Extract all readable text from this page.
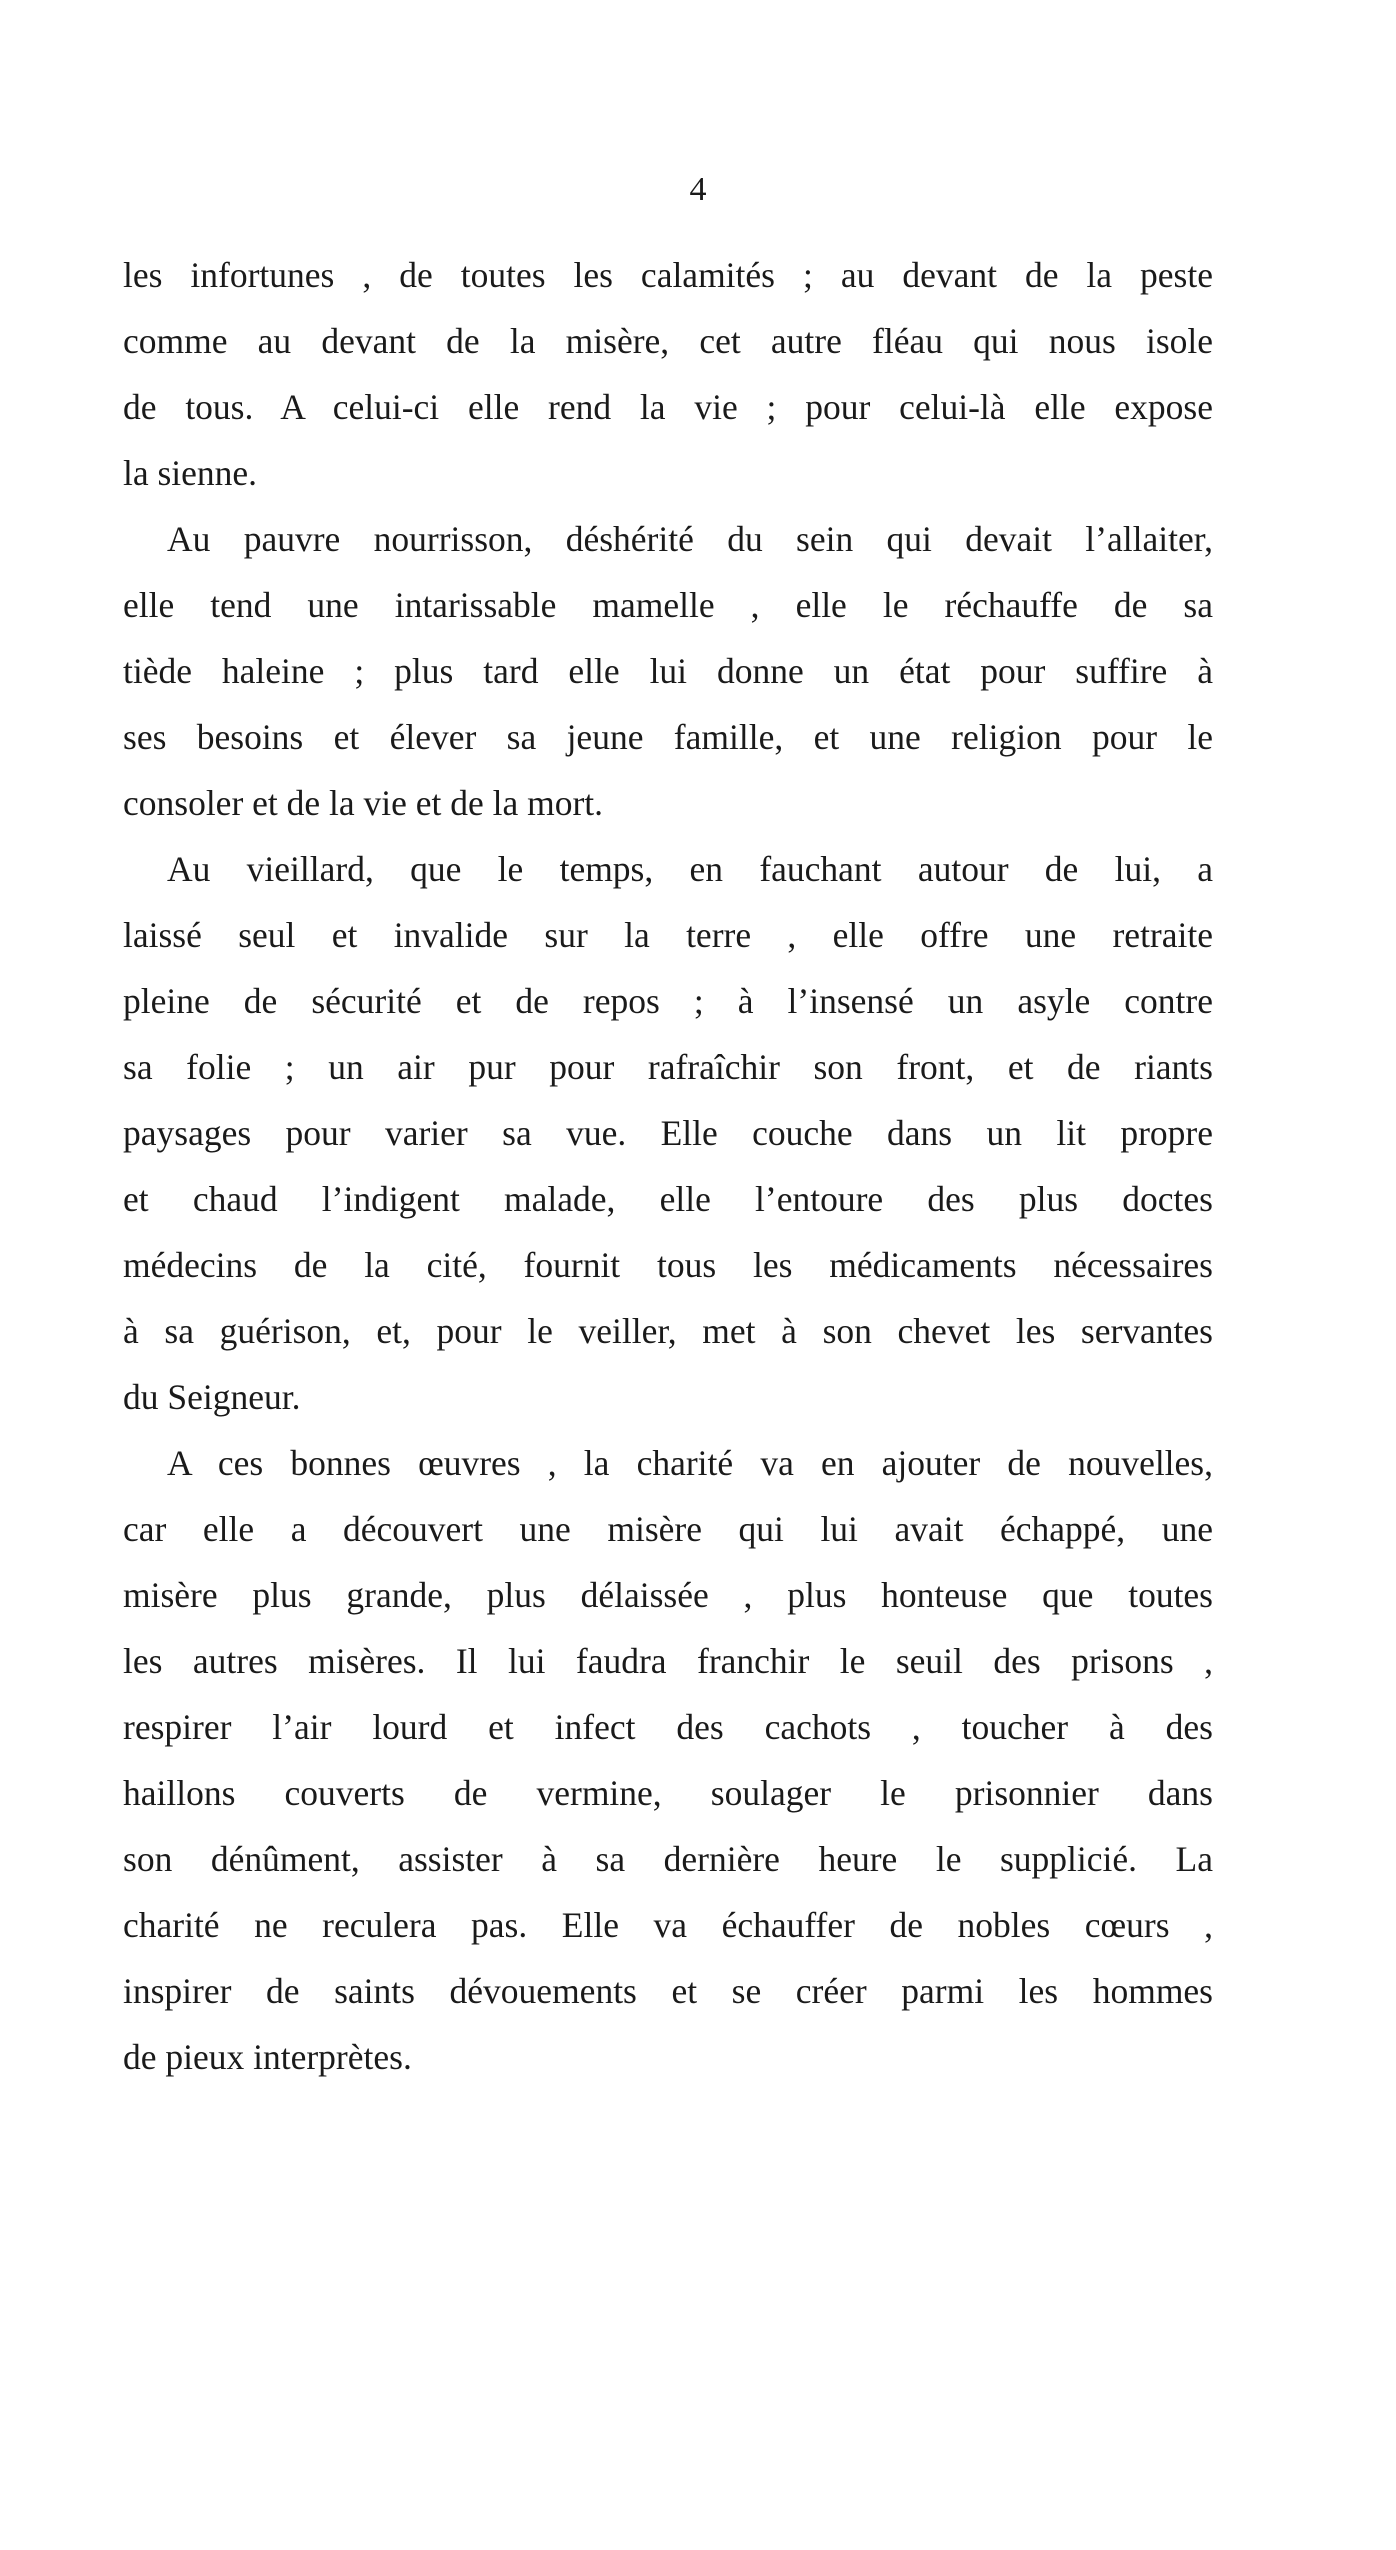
4
les infortunes , de toutes les calamités ; au devant de la peste
comme au devant de la misère, cet autre fléau qui nous isole
de tous. A celui-ci elle rend la vie ; pour celui-là elle expose
la sienne.
Au pauvre nourrisson, déshérité du sein qui devait l’allaiter,
elle tend une intarissable mamelle , elle le réchauffe de sa
tiède haleine ; plus tard elle lui donne un état pour suffire à
ses besoins et élever sa jeune famille, et une religion pour le
consoler et de la vie et de la mort.
Au vieillard, que le temps, en fauchant autour de lui, a
laissé seul et invalide sur la terre , elle offre une retraite
pleine de sécurité et de repos ; à l’insensé un asyle contre
sa folie ; un air pur pour rafraîchir son front, et de riants
paysages pour varier sa vue. Elle couche dans un lit propre
et chaud l’indigent malade, elle l’entoure des plus doctes
médecins de la cité, fournit tous les médicaments nécessaires
à sa guérison, et, pour le veiller, met à son chevet les servantes
du Seigneur.
A ces bonnes œuvres , la charité va en ajouter de nouvelles,
car elle a découvert une misère qui lui avait échappé, une
misère plus grande, plus délaissée , plus honteuse que toutes
les autres misères. Il lui faudra franchir le seuil des prisons ,
respirer l’air lourd et infect des cachots , toucher à des
haillons couverts de vermine, soulager le prisonnier dans
son dénûment, assister à sa dernière heure le supplicié. La
charité ne reculera pas. Elle va échauffer de nobles cœurs ,
inspirer de saints dévouements et se créer parmi les hommes
de pieux interprètes.
